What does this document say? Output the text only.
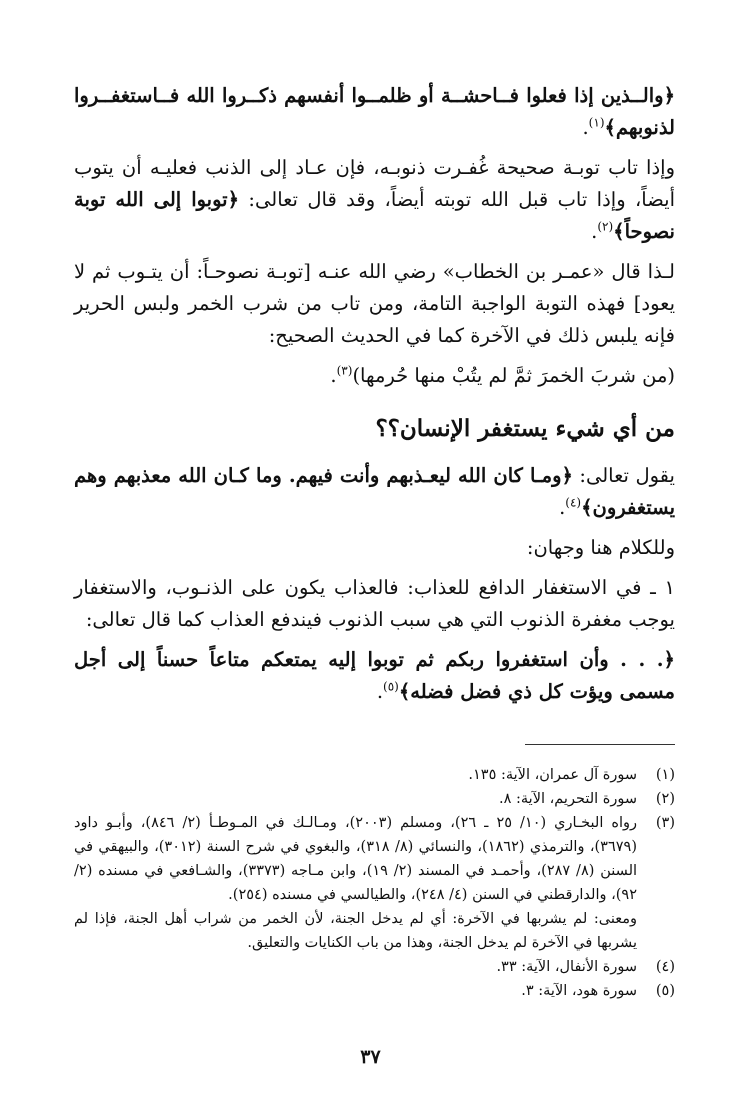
﴿والــذين إذا فعلوا فــاحشــة أو ظلمــوا أنفسهم ذكــروا الله فــاستغفــروا لذنوبهم﴾$^{(١)}$.
وإذا تاب توبـة صحيحة غُفـرت ذنوبـه، فإن عـاد إلى الذنب فعليـه أن يتوب أيضاً، وإذا تاب قبل الله توبته أيضاً، وقد قال تعالى: ﴿توبوا إلى الله توبة نصوحاً﴾$^{(٢)}$.
لـذا قال «عمـر بن الخطاب» رضي الله عنـه [توبـة نصوحـاً: أن يتـوب ثم لا يعود] فهذه التوبة الواجبة التامة، ومن تاب من شرب الخمر ولبس الحرير فإنه يلبس ذلك في الآخرة كما في الحديث الصحيح:
(من شربَ الخمرَ ثمَّ لم يتُبْ منها حُرمها)$^{(٣)}$.
من أي شيء يستغفر الإنسان؟؟
يقول تعالى: ﴿ومـا كان الله ليعـذبهم وأنت فيهم. وما كـان الله معذبهم وهم يستغفرون﴾$^{(٤)}$.
وللكلام هنا وجهان:
١ ـ في الاستغفار الدافع للعذاب: فالعذاب يكون على الذنـوب، والاستغفار يوجب مغفرة الذنوب التي هي سبب الذنوب فيندفع العذاب كما قال تعالى:
﴿. . . وأن استغفروا ربكم ثم توبوا إليه يمتعكم متاعاً حسناً إلى أجل مسمى ويؤت كل ذي فضل فضله﴾$^{(٥)}$.
(١)
سورة آل عمران، الآية: ١٣٥.
(٢)
سورة التحريم، الآية: ٨.
(٣)
رواه البخـاري (١٠/ ٢٥ ـ ٢٦)، ومسلم (٢٠٠٣)، ومـالـك في المـوطـأ (٢/ ٨٤٦)، وأبـو داود (٣٦٧٩)، والترمذي (١٨٦٢)، والنسائي (٨/ ٣١٨)، والبغوي في شرح السنة (٣٠١٢)، والبيهقي في السنن (٨/ ٢٨٧)، وأحمـد في المسند (٢/ ١٩)، وابن مـاجه (٣٣٧٣)، والشـافعي في مسنده (٢/ ٩٢)، والدارقطني في السنن (٤/ ٢٤٨)، والطيالسي في مسنده (٢٥٤).
ومعنى: لم يشربها في الآخرة: أي لم يدخل الجنة، لأن الخمر من شراب أهل الجنة، فإذا لم يشربها في الآخرة لم يدخل الجنة، وهذا من باب الكنايات والتعليق.
(٤)
سورة الأنفال، الآية: ٣٣.
(٥)
سورة هود، الآية: ٣.
٣٧
